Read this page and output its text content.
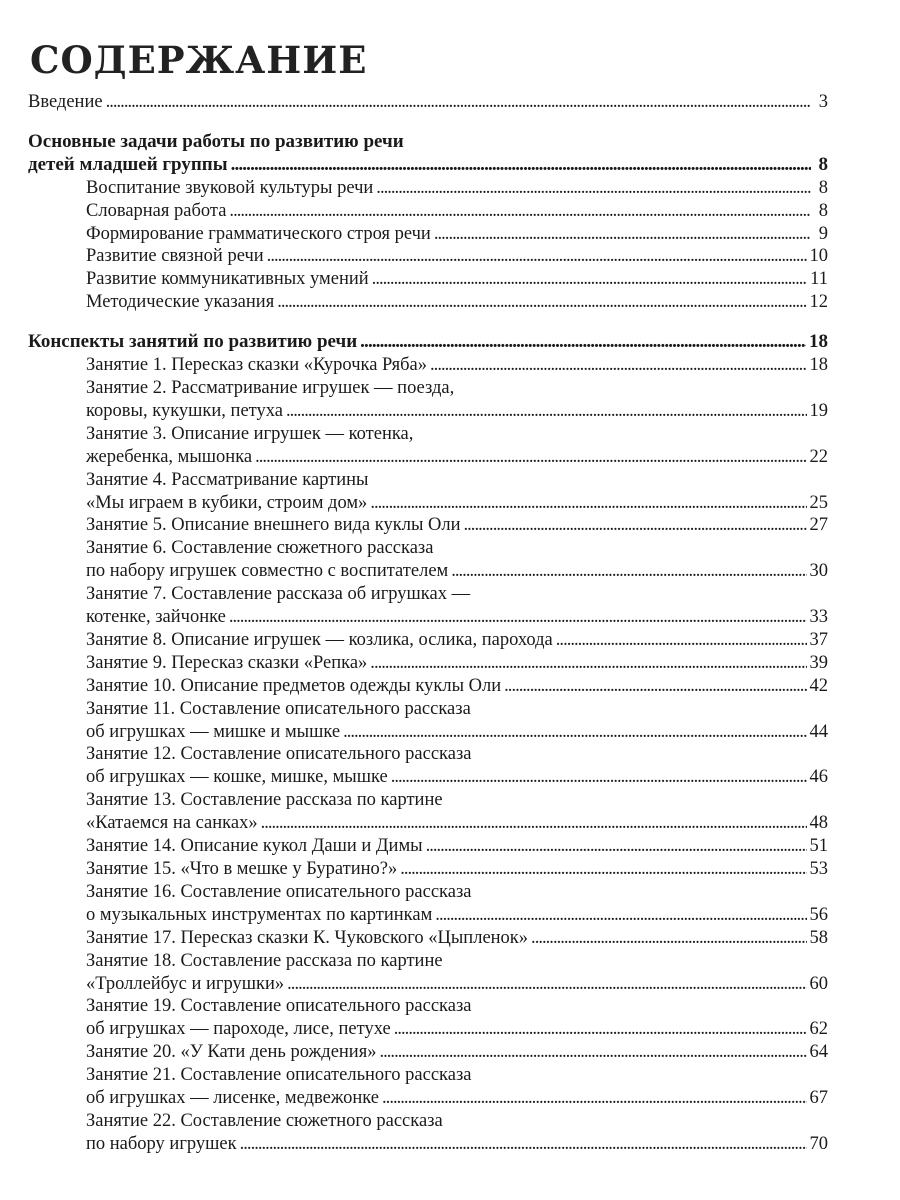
СОДЕРЖАНИЕ
Введение . . .	3
Основные задачи работы по развитию речи
детей младшей группы . . .	8
Воспитание звуковой культуры речи . . .	8
Словарная работа . . .	8
Формирование грамматического строя речи . . .	9
Развитие связной речи . . .	10
Развитие коммуникативных умений . . .	11
Методические указания . . .	12
Конспекты занятий по развитию речи . . .	18
Занятие 1. Пересказ сказки «Курочка Ряба» . . .	18
Занятие 2. Рассматривание игрушек — поезда,
коровы, кукушки, петуха . . .	19
Занятие 3. Описание игрушек — котенка,
жеребенка, мышонка . . .	22
Занятие 4. Рассматривание картины
«Мы играем в кубики, строим дом» . . .	25
Занятие 5. Описание внешнего вида куклы Оли . . .	27
Занятие 6. Составление сюжетного рассказа
по набору игрушек совместно с воспитателем . . .	30
Занятие 7. Составление рассказа об игрушках —
котенке, зайчонке . . .	33
Занятие 8. Описание игрушек — козлика, ослика, парохода . . .	37
Занятие 9. Пересказ сказки «Репка» . . .	39
Занятие 10. Описание предметов одежды куклы Оли . . .	42
Занятие 11. Составление описательного рассказа
об игрушках — мишке и мышке . . .	44
Занятие 12. Составление описательного рассказа
об игрушках — кошке, мишке, мышке . . .	46
Занятие 13. Составление рассказа по картине
«Катаемся на санках» . . .	48
Занятие 14. Описание кукол Даши и Димы . . .	51
Занятие 15. «Что в мешке у Буратино?» . . .	53
Занятие 16. Составление описательного рассказа
о музыкальных инструментах по картинкам . . .	56
Занятие 17. Пересказ сказки К. Чуковского «Цыпленок» . . .	58
Занятие 18. Составление рассказа по картине
«Троллейбус и игрушки» . . .	60
Занятие 19. Составление описательного рассказа
об игрушках — пароходе, лисе, петухе . . .	62
Занятие 20. «У Кати день рождения» . . .	64
Занятие 21. Составление описательного рассказа
об игрушках — лисенке, медвежонке . . .	67
Занятие 22. Составление сюжетного рассказа
по набору игрушек . . .	70
